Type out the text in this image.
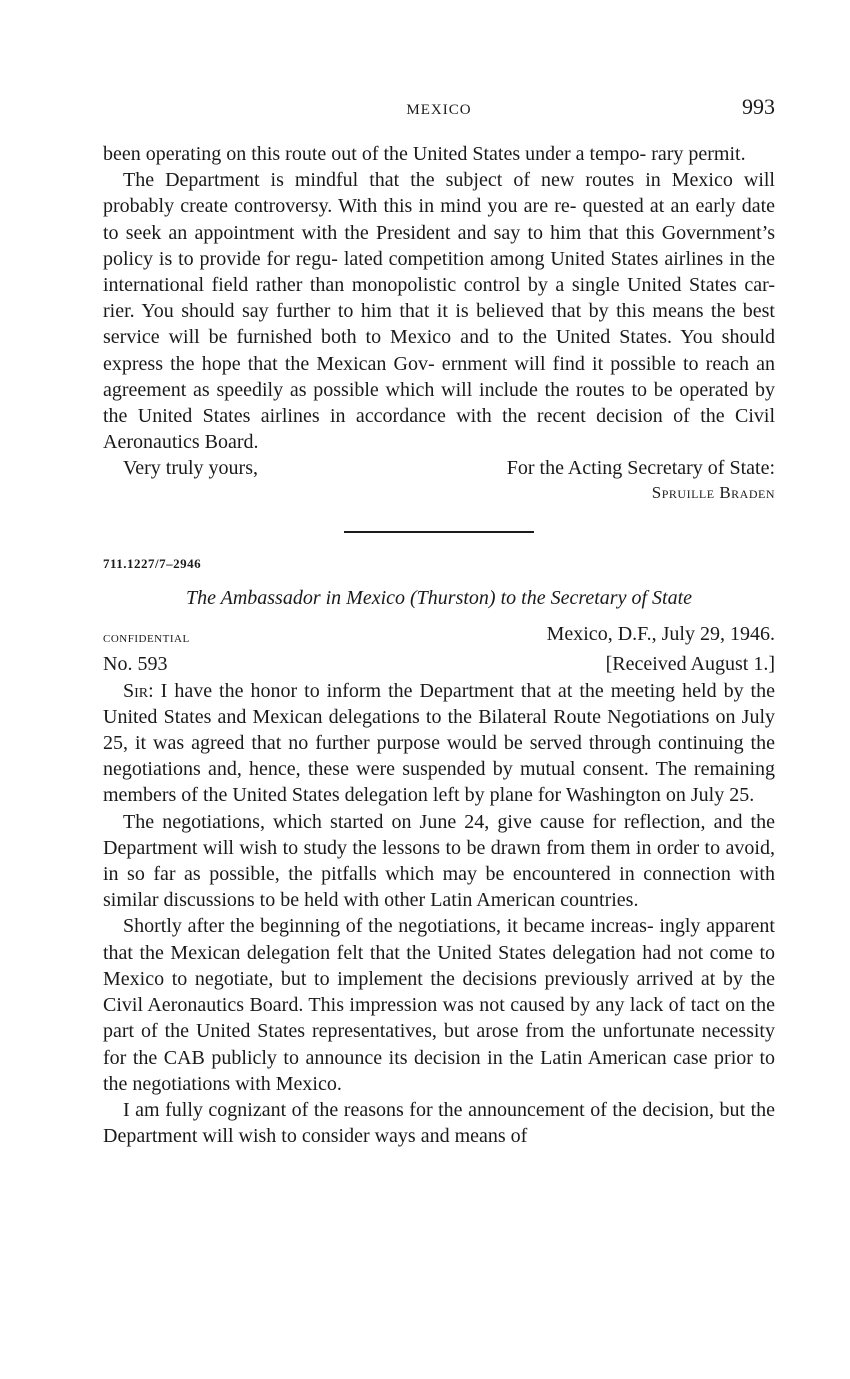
MEXICO	993

been operating on this route out of the United States under a tempo- rary permit.

The Department is mindful that the subject of new routes in Mexico will probably create controversy. With this in mind you are re- quested at an early date to seek an appointment with the President and say to him that this Government’s policy is to provide for regu- lated competition among United States airlines in the international field rather than monopolistic control by a single United States car- rier. You should say further to him that it is believed that by this means the best service will be furnished both to Mexico and to the United States. You should express the hope that the Mexican Gov- ernment will find it possible to reach an agreement as speedily as possible which will include the routes to be operated by the United States airlines in accordance with the recent decision of the Civil Aeronautics Board.

Very truly yours,	For the Acting Secretary of State:
Spruille Braden
711.1227/7–2946
The Ambassador in Mexico (Thurston) to the Secretary of State
confidential	Mexico, D.F., July 29, 1946.
No. 593	[Received August 1.]

Sir: I have the honor to inform the Department that at the meeting held by the United States and Mexican delegations to the Bilateral Route Negotiations on July 25, it was agreed that no further purpose would be served through continuing the negotiations and, hence, these were suspended by mutual consent. The remaining members of the United States delegation left by plane for Washington on July 25.

The negotiations, which started on June 24, give cause for reflection, and the Department will wish to study the lessons to be drawn from them in order to avoid, in so far as possible, the pitfalls which may be encountered in connection with similar discussions to be held with other Latin American countries.

Shortly after the beginning of the negotiations, it became increas- ingly apparent that the Mexican delegation felt that the United States delegation had not come to Mexico to negotiate, but to implement the decisions previously arrived at by the Civil Aeronautics Board. This impression was not caused by any lack of tact on the part of the United States representatives, but arose from the unfortunate necessity for the CAB publicly to announce its decision in the Latin American case prior to the negotiations with Mexico.

I am fully cognizant of the reasons for the announcement of the decision, but the Department will wish to consider ways and means of
